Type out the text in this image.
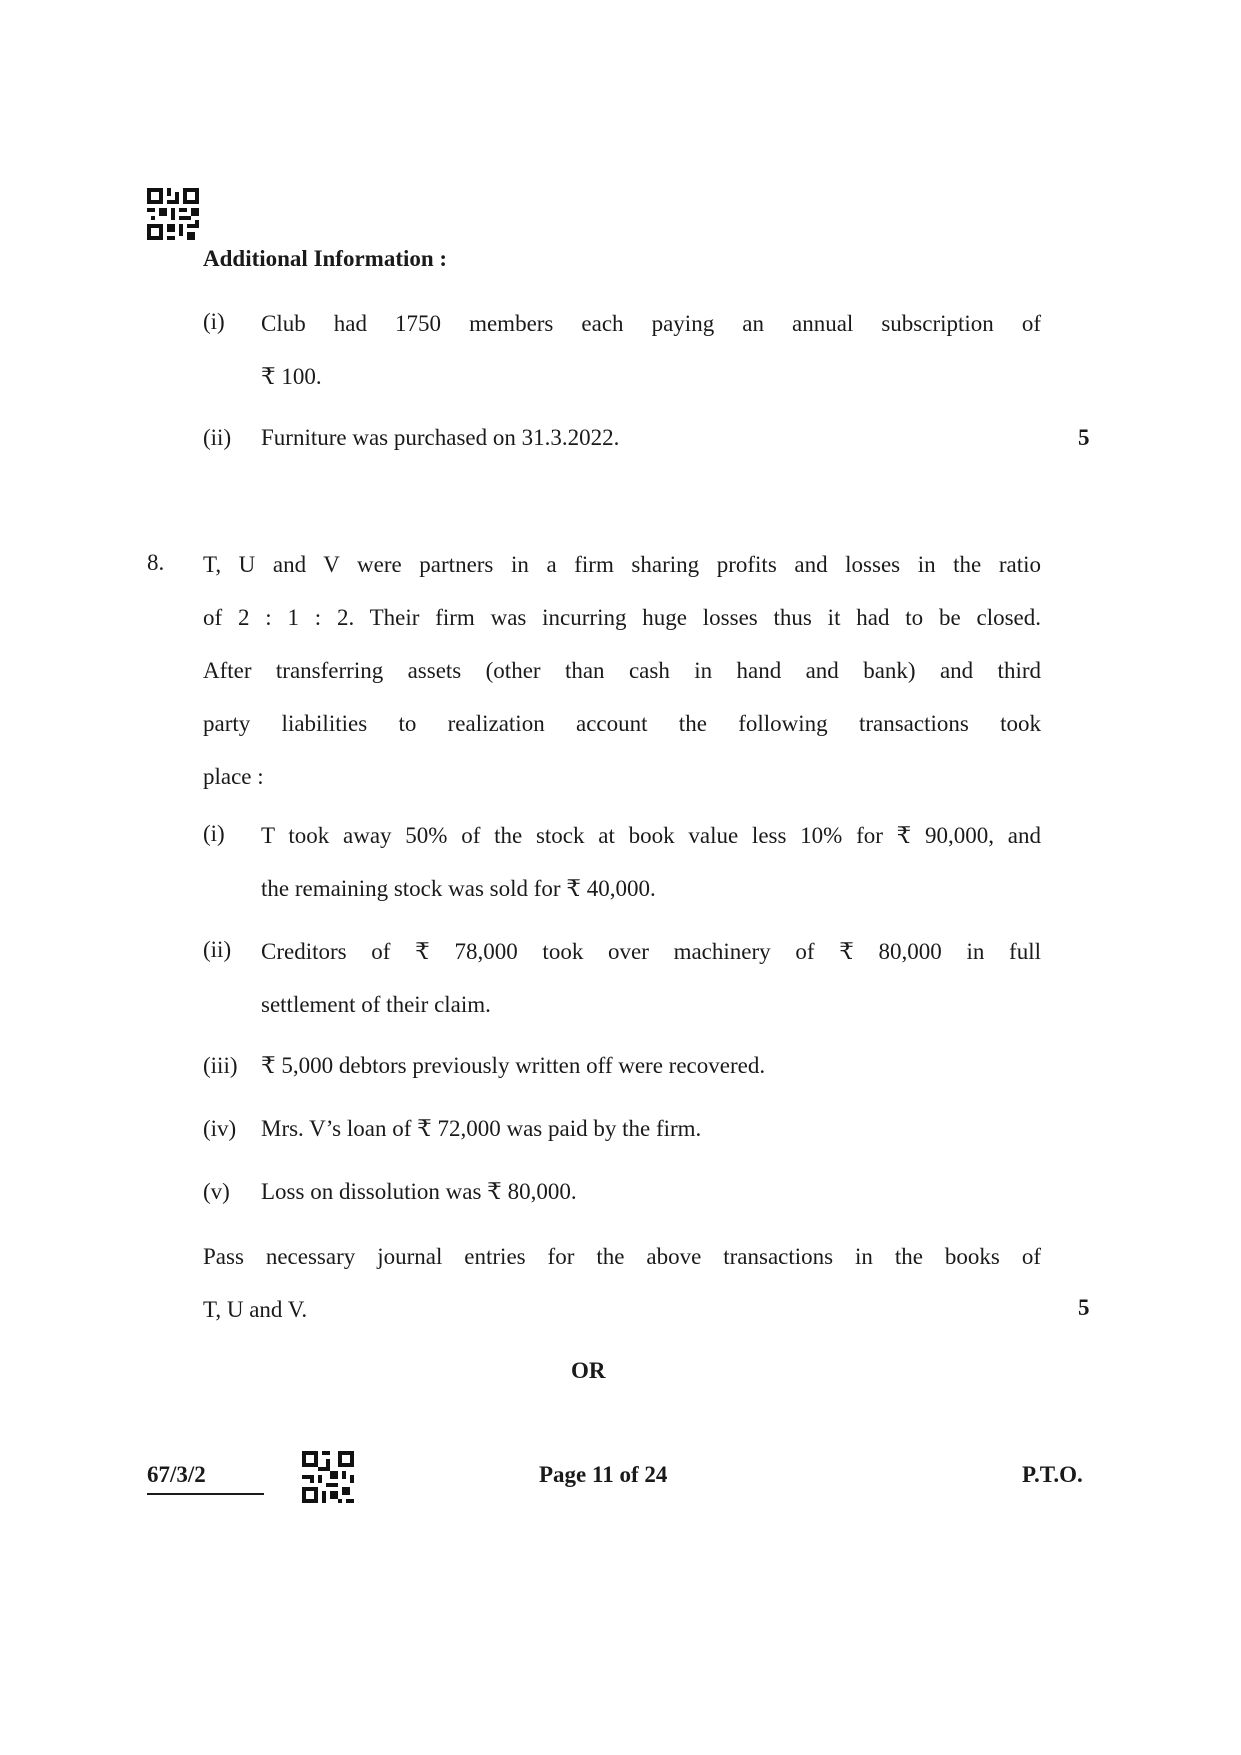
Additional Information :
(i) Club had 1750 members each paying an annual subscription of
₹ 100.
(ii) Furniture was purchased on 31.3.2022.	5
8. T, U and V were partners in a firm sharing profits and losses in the ratio
of 2 : 1 : 2. Their firm was incurring huge losses thus it had to be closed.
After transferring assets (other than cash in hand and bank) and third
party liabilities to realization account the following transactions took
place :
(i) T took away 50% of the stock at book value less 10% for ₹ 90,000, and
the remaining stock was sold for ₹ 40,000.
(ii) Creditors of ₹ 78,000 took over machinery of ₹ 80,000 in full
settlement of their claim.
(iii) ₹ 5,000 debtors previously written off were recovered.
(iv) Mrs. V’s loan of ₹ 72,000 was paid by the firm.
(v) Loss on dissolution was ₹ 80,000.
Pass necessary journal entries for the above transactions in the books of
T, U and V.	5
OR
67/3/2	Page 11 of 24	P.T.O.
